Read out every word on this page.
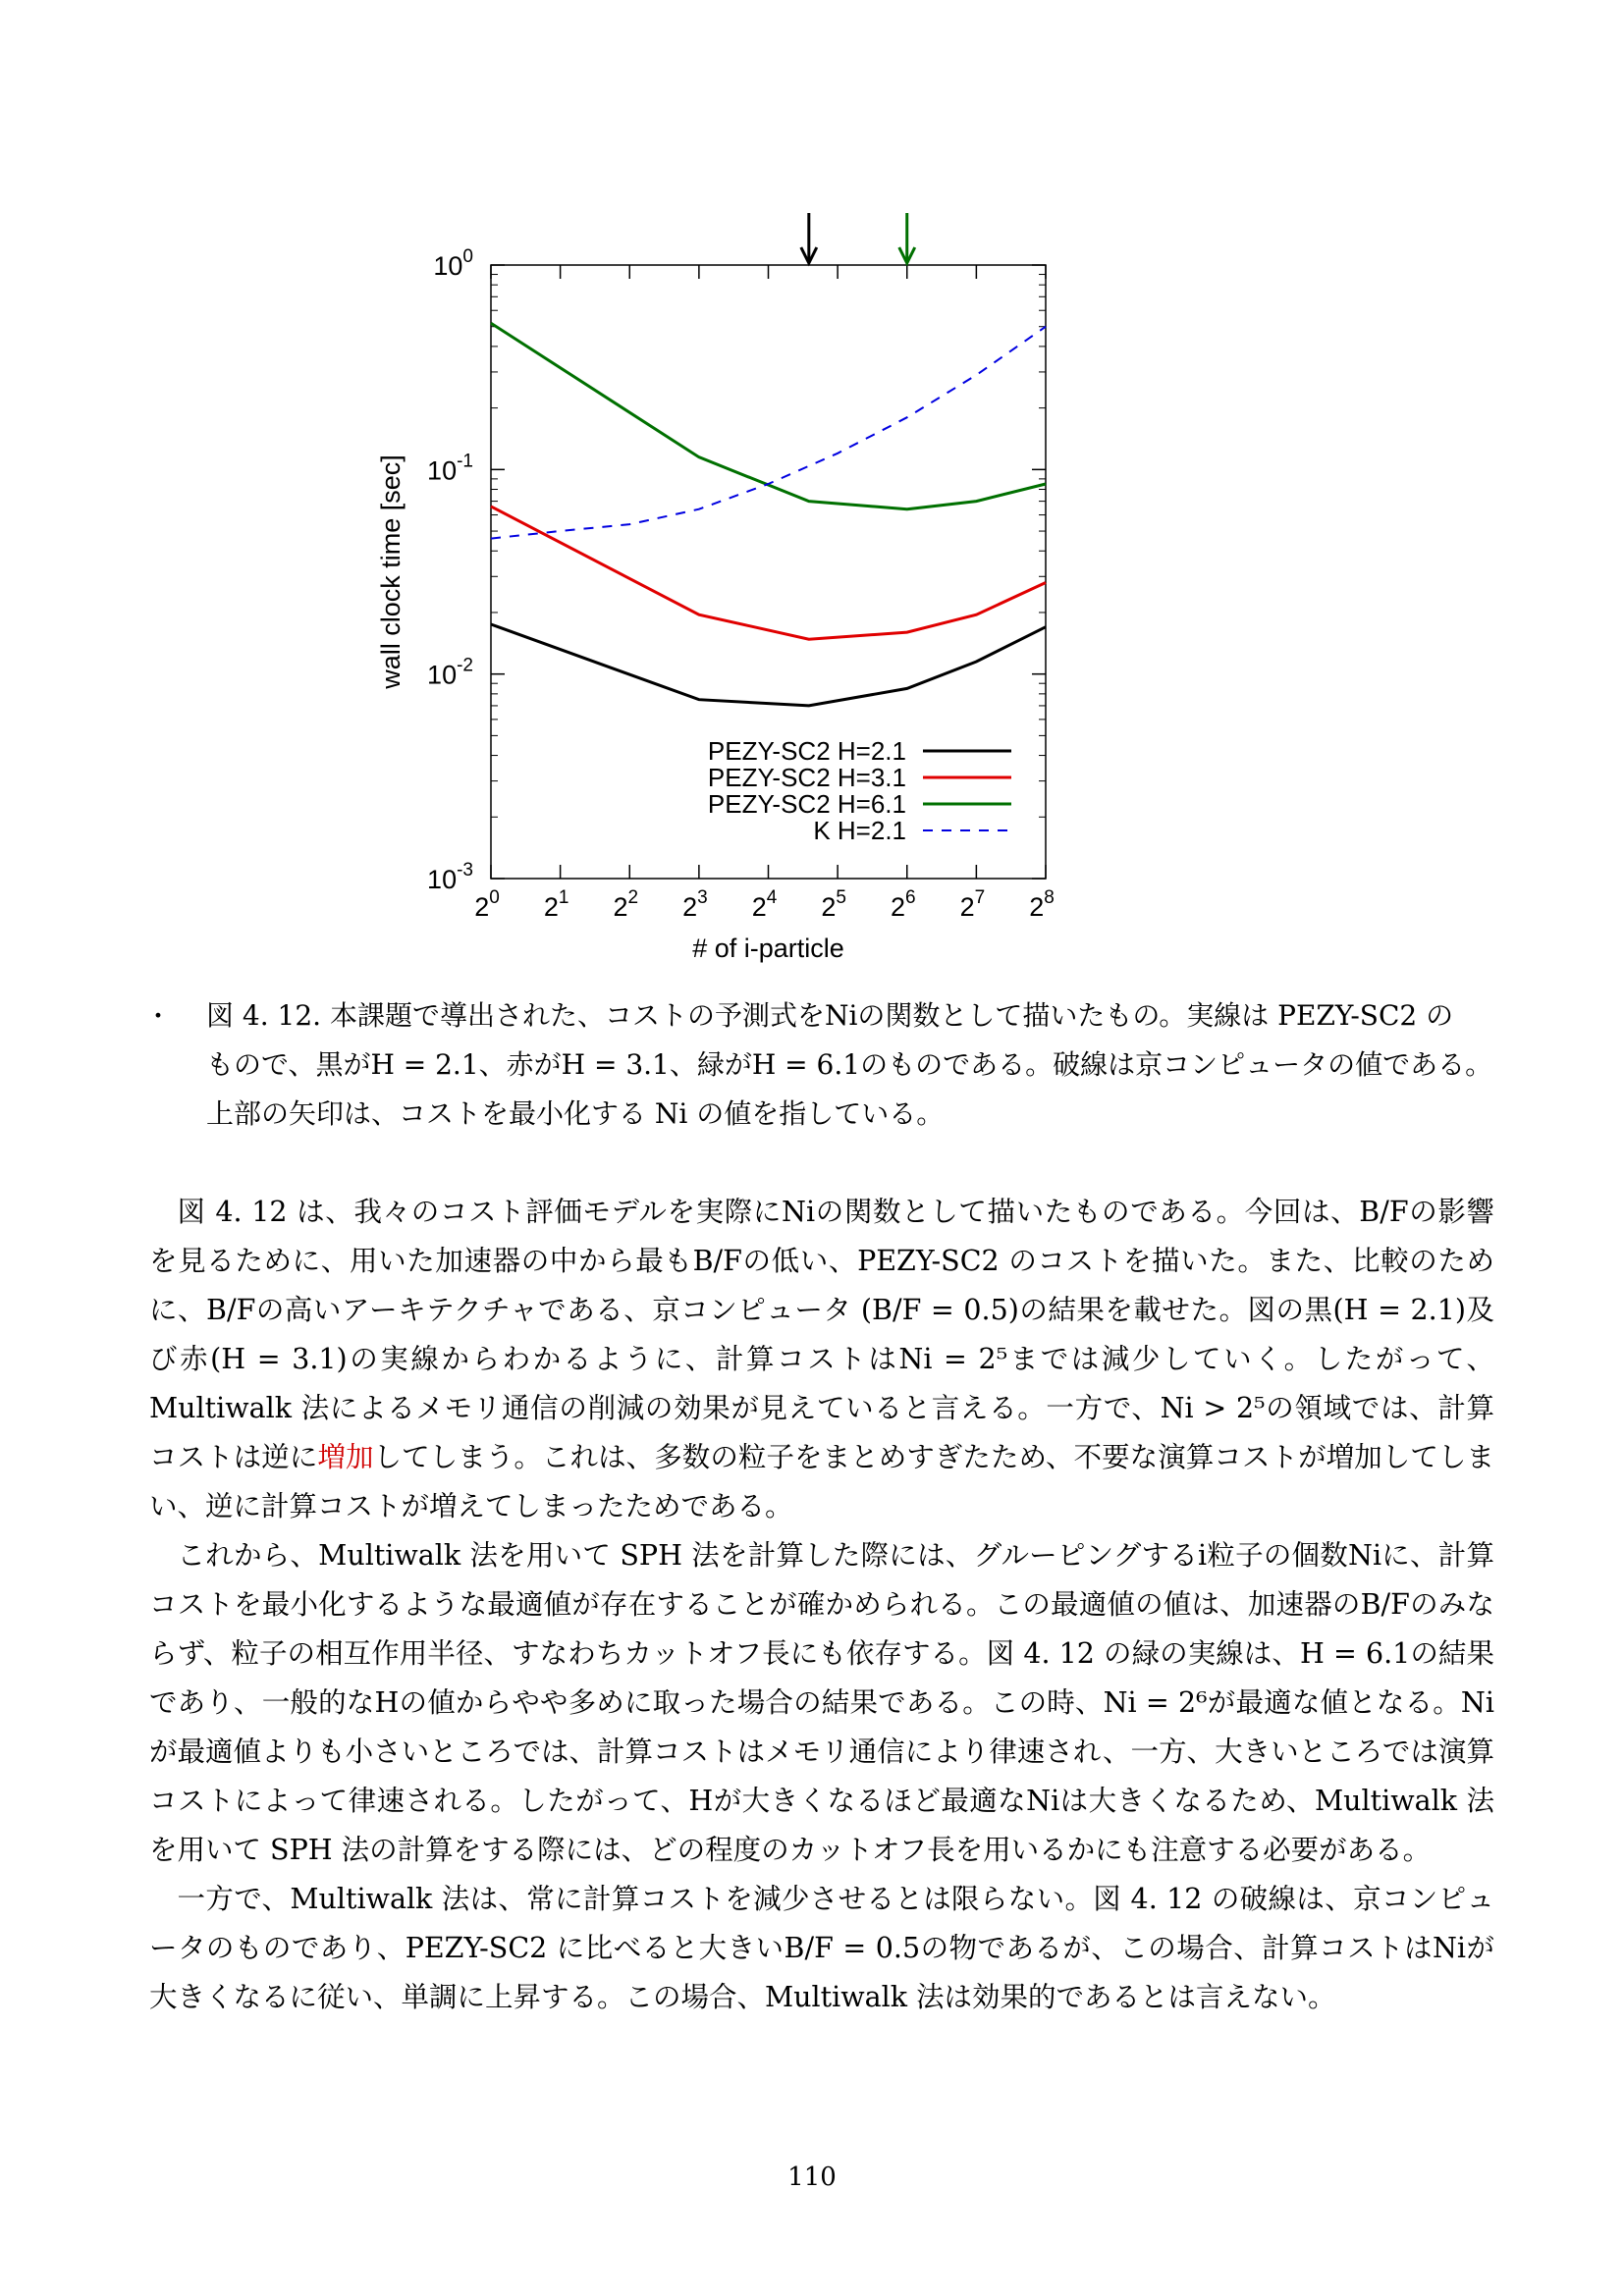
$10^0$
$10^{-1}$
$10^{-2}$
$10^{-3}$
$2^0$ $2^1$ $2^2$ $2^3$ $2^4$ $2^5$ $2^6$ $2^7$ $2^8$
PEZY-SC2 H=2.1
PEZY-SC2 H=3.1
PEZY-SC2 H=6.1
K H=2.1
# of i-particle
wall clock time [sec]
・ 図 4. 12. 本課題で導出された、コストの予測式をNiの関数として描いたもの。実線は PEZY-SC2 の

もので、黒がH = 2.1、赤がH = 3.1、緑がH = 6.1のものである。破線は京コンピュータの値である。

上部の矢印は、コストを最小化する Ni の値を指している。

図 4. 12 は、我々のコスト評価モデルを実際にNiの関数として描いたものである。今回は、B/Fの影響を見るために、用いた加速器の中から最もB/Fの低い、PEZY-SC2 のコストを描いた。また、比較のために、B/Fの高いアーキテクチャである、京コンピュータ (B/F = 0.5)の結果を載せた。図の黒(H = 2.1)及び赤(H = 3.1)の実線からわかるように、計算コストはNi = 2⁵までは減少していく。したがって、Multiwalk 法によるメモリ通信の削減の効果が見えていると言える。一方で、Ni > 2⁵の領域では、計算コストは逆に増加してしまう。これは、多数の粒子をまとめすぎたため、不要な演算コストが増加してしまい、逆に計算コストが増えてしまったためである。

これから、Multiwalk 法を用いて SPH 法を計算した際には、グルーピングするi粒子の個数Niに、計算コストを最小化するような最適値が存在することが確かめられる。この最適値の値は、加速器のB/Fのみならず、粒子の相互作用半径、すなわちカットオフ長にも依存する。図 4. 12 の緑の実線は、H = 6.1の結果であり、一般的なHの値からやや多めに取った場合の結果である。この時、Ni = 2⁶が最適な値となる。Niが最適値よりも小さいところでは、計算コストはメモリ通信により律速され、一方、大きいところでは演算コストによって律速される。したがって、Hが大きくなるほど最適なNiは大きくなるため、Multiwalk 法を用いて SPH 法の計算をする際には、どの程度のカットオフ長を用いるかにも注意する必要がある。

一方で、Multiwalk 法は、常に計算コストを減少させるとは限らない。図 4. 12 の破線は、京コンピュータのものであり、PEZY-SC2 に比べると大きいB/F = 0.5の物であるが、この場合、計算コストはNiが大きくなるに従い、単調に上昇する。この場合、Multiwalk 法は効果的であるとは言えない。

110
